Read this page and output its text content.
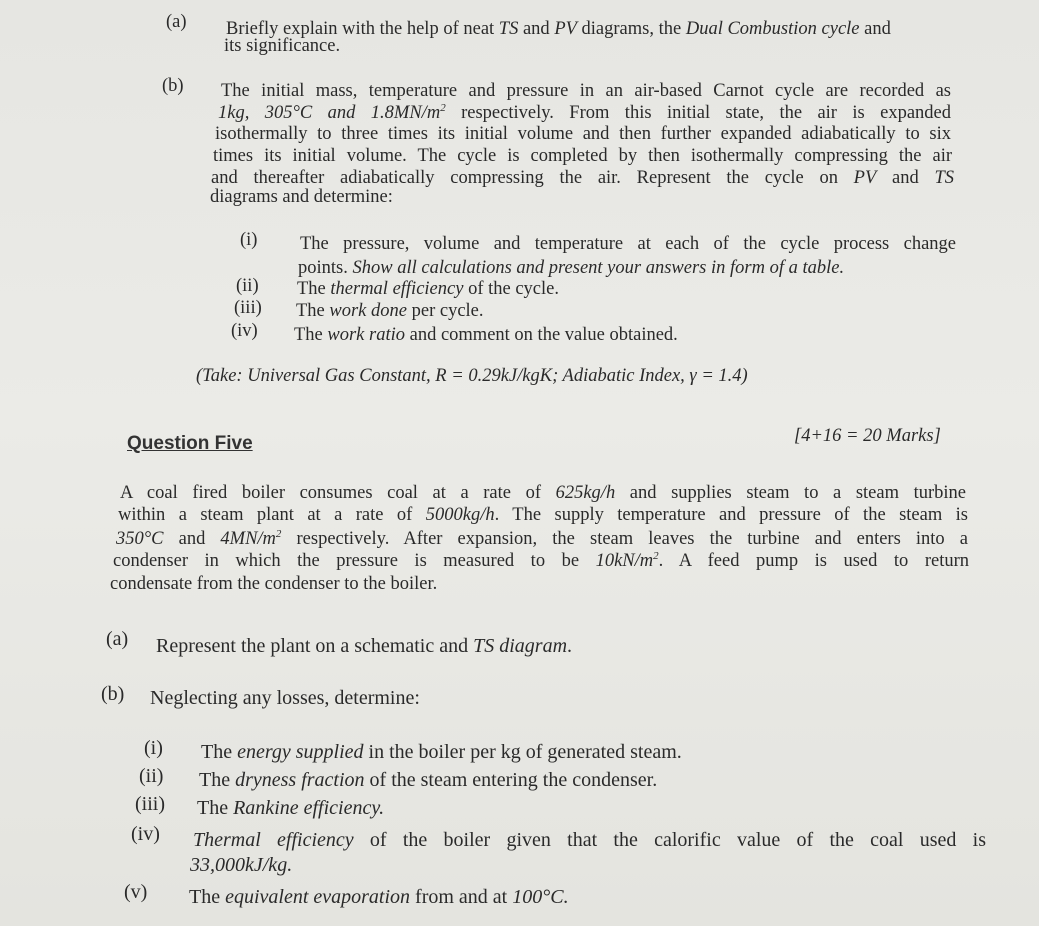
(a) Briefly explain with the help of neat TS and PV diagrams, the Dual Combustion cycle and
its significance.
(b) The initial mass, temperature and pressure in an air-based Carnot cycle are recorded as
1kg, 305°C and $1.8MN/m^2$ respectively. From this initial state, the air is expanded
isothermally to three times its initial volume and then further expanded adiabatically to six
times its initial volume. The cycle is completed by then isothermally compressing the air
and thereafter adiabatically compressing the air. Represent the cycle on PV and TS
diagrams and determine:
(i) The pressure, volume and temperature at each of the cycle process change
points. Show all calculations and present your answers in form of a table.
(ii) The thermal efficiency of the cycle.
(iii) The work done per cycle.
(iv) The work ratio and comment on the value obtained.
(Take: Universal Gas Constant, R = 0.29kJ/kgK; Adiabatic Index, γ = 1.4)
Question Five	[4+16 = 20 Marks]
A coal fired boiler consumes coal at a rate of 625kg/h and supplies steam to a steam turbine
within a steam plant at a rate of 5000kg/h. The supply temperature and pressure of the steam is
350°C and $4MN/m^2$ respectively. After expansion, the steam leaves the turbine and enters into a
condenser in which the pressure is measured to be $10kN/m^2$. A feed pump is used to return
condensate from the condenser to the boiler.
(a) Represent the plant on a schematic and TS diagram.
(b) Neglecting any losses, determine:
(i) The energy supplied in the boiler per kg of generated steam.
(ii) The dryness fraction of the steam entering the condenser.
(iii) The Rankine efficiency.
(iv) Thermal efficiency of the boiler given that the calorific value of the coal used is
33,000kJ/kg.
(v) The equivalent evaporation from and at 100°C.
